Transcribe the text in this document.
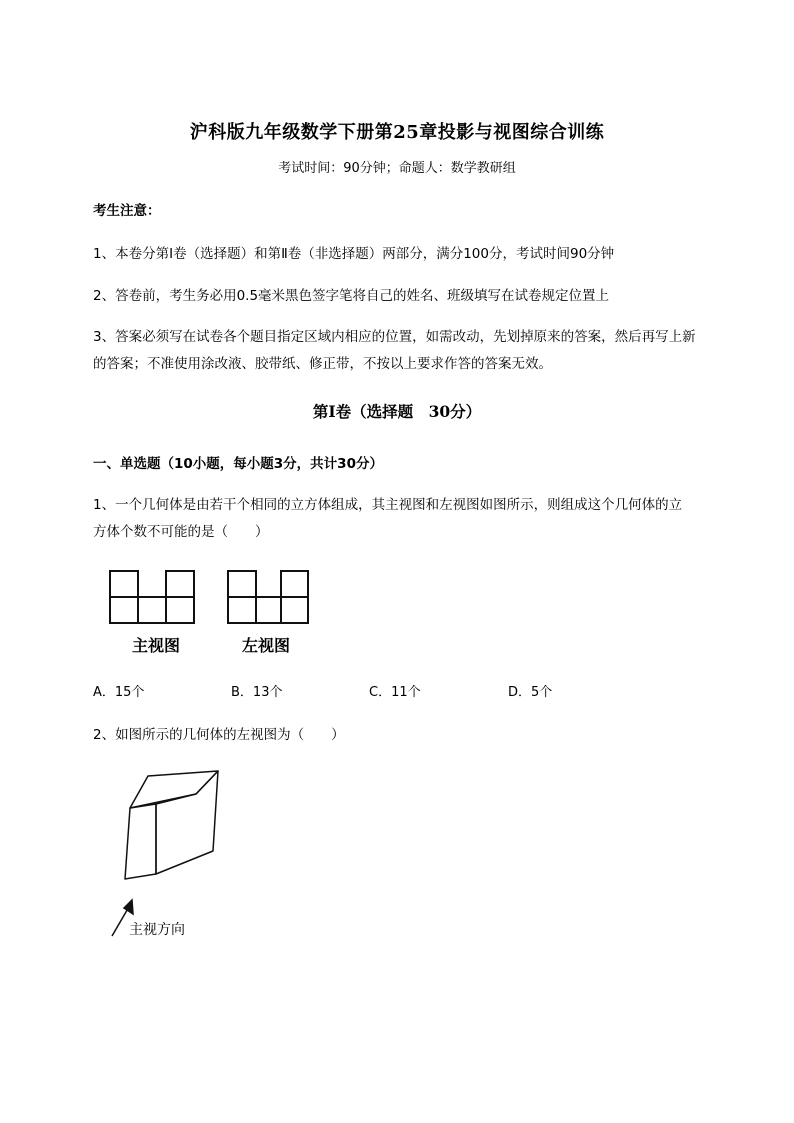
沪科版九年级数学下册第25章投影与视图综合训练
考试时间：90分钟；命题人：数学教研组
考生注意：
1、本卷分第I卷（选择题）和第Ⅱ卷（非选择题）两部分，满分100分，考试时间90分钟
2、答卷前，考生务必用0.5毫米黑色签字笔将自己的姓名、班级填写在试卷规定位置上
3、答案必须写在试卷各个题目指定区域内相应的位置，如需改动，先划掉原来的答案，然后再写上新
的答案；不准使用涂改液、胶带纸、修正带，不按以上要求作答的答案无效。
第I卷（选择题　30分）
一、单选题（10小题，每小题3分，共计30分）
1、一个几何体是由若干个相同的立方体组成，其主视图和左视图如图所示，则组成这个几何体的立
方体个数不可能的是（　　）
主视图	左视图
A．15个	B．13个	C．11个	D．5个
2、如图所示的几何体的左视图为（　　）
主视方向
